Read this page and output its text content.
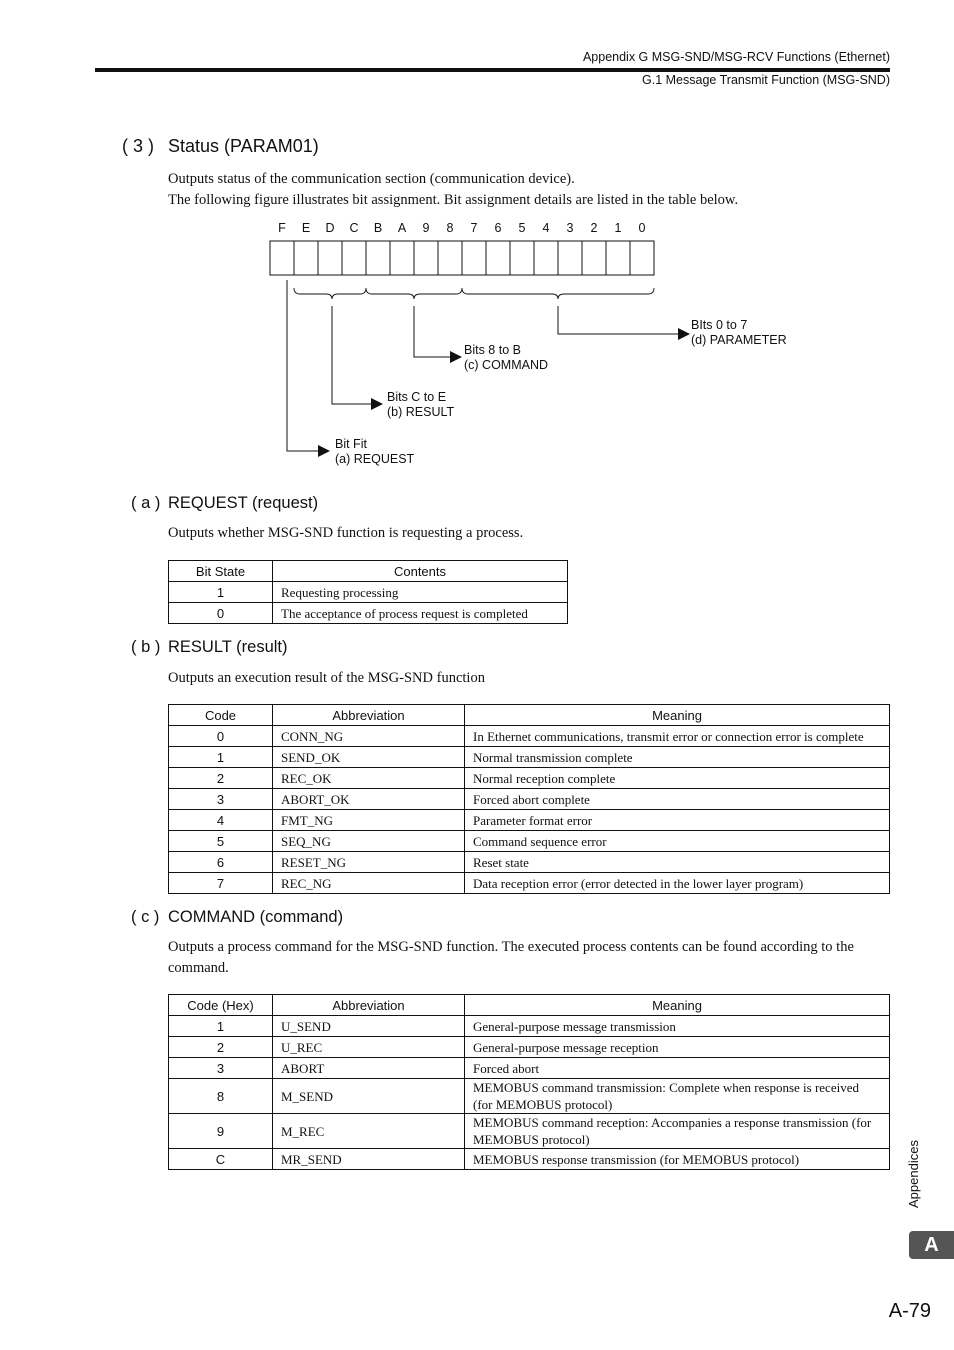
Appendix G MSG-SND/MSG-RCV Functions (Ethernet)
G.1 Message Transmit Function (MSG-SND)
( 3 ) Status (PARAM01)
Outputs status of the communication section (communication device).
The following figure illustrates bit assignment. Bit assignment details are listed in the table below.
F	E	D	C	B	A	9	8	7	6	5	4	3	2	1	0
Bit Fit
(a) REQUEST
Bits C to E
(b) RESULT
Bits 8 to B
(c) COMMAND
BIts 0 to 7
(d) PARAMETER
( a ) REQUEST (request)
Outputs whether MSG-SND function is requesting a process.
Bit State	Contents
1	Requesting processing
0	The acceptance of process request is completed
( b ) RESULT (result)
Outputs an execution result of the MSG-SND function
Code	Abbreviation	Meaning
0	CONN_NG	In Ethernet communications, transmit error or connection error is complete
1	SEND_OK	Normal transmission complete
2	REC_OK	Normal reception complete
3	ABORT_OK	Forced abort complete
4	FMT_NG	Parameter format error
5	SEQ_NG	Command sequence error
6	RESET_NG	Reset state
7	REC_NG	Data reception error (error detected in the lower layer program)
( c ) COMMAND (command)
Outputs a process command for the MSG-SND function. The executed process contents can be found according to the command.
Code (Hex)	Abbreviation	Meaning
1	U_SEND	General-purpose message transmission
2	U_REC	General-purpose message reception
3	ABORT	Forced abort
8	M_SEND	MEMOBUS command transmission: Complete when response is received (for MEMOBUS protocol)
9	M_REC	MEMOBUS command reception: Accompanies a response transmission (for MEMOBUS protocol)
C	MR_SEND	MEMOBUS response transmission (for MEMOBUS protocol)	Appendices
A
A-79
